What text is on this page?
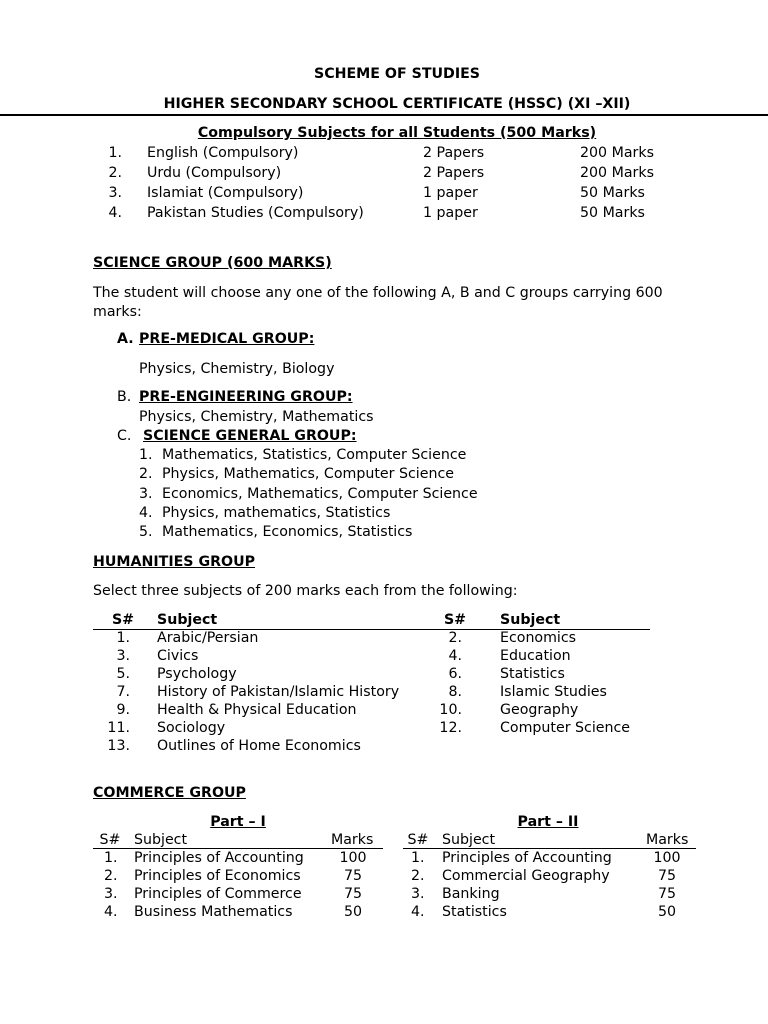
SCHEME OF STUDIES
HIGHER SECONDARY SCHOOL CERTIFICATE (HSSC) (XI –XII)
Compulsory Subjects for all Students (500 Marks)
1. English (Compulsory)	2 Papers	200 Marks
2. Urdu (Compulsory)	2 Papers	200 Marks
3. Islamiat (Compulsory)	1 paper	50 Marks
4. Pakistan Studies (Compulsory)	1 paper	50 Marks
SCIENCE GROUP (600 MARKS)
The student will choose any one of the following A, B and C groups carrying 600
marks:
A. PRE-MEDICAL GROUP:
Physics, Chemistry, Biology
B. PRE-ENGINEERING GROUP:
Physics, Chemistry, Mathematics
C. SCIENCE GENERAL GROUP:
1. Mathematics, Statistics, Computer Science
2. Physics, Mathematics, Computer Science
3. Economics, Mathematics, Computer Science
4. Physics, mathematics, Statistics
5. Mathematics, Economics, Statistics
HUMANITIES GROUP
Select three subjects of 200 marks each from the following:
S#	Subject	S#	Subject
1. Arabic/Persian	2.	Economics
3. Civics	4.	Education
5. Psychology	6.	Statistics
7. History of Pakistan/Islamic History	8.	Islamic Studies
9. Health & Physical Education	10.	Geography
11. Sociology	12.	Computer Science
13. Outlines of Home Economics
COMMERCE GROUP
Part – I	Part – II
S# Subject	Marks	S# Subject	Marks
1. Principles of Accounting	100	1. Principles of Accounting	100
2. Principles of Economics	75	2. Commercial Geography	75
3. Principles of Commerce	75	3. Banking	75
4. Business Mathematics	50	4. Statistics	50
